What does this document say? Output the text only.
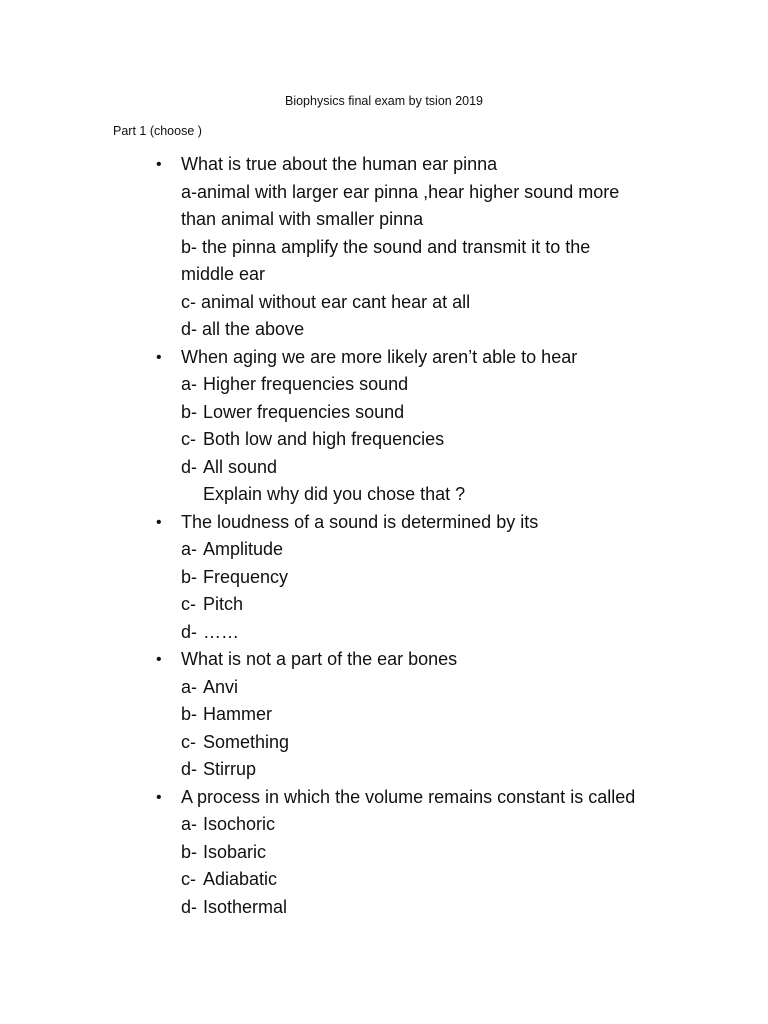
Biophysics final exam by tsion 2019
Part 1 (choose )
• What is true about the human ear pinna
a-animal with larger ear pinna ,hear higher sound more
than animal with smaller pinna
b- the pinna amplify the sound and transmit it to the
middle ear
c- animal without ear cant hear at all
d- all the above
• When aging we are more likely aren’t able to hear
a- Higher frequencies sound
b- Lower frequencies sound
c- Both low and high frequencies
d- All sound
Explain why did you chose that ?
• The loudness of a sound is determined by its
a- Amplitude
b- Frequency
c- Pitch
d- ……
• What is not a part of the ear bones
a- Anvi
b- Hammer
c- Something
d- Stirrup
• A process in which the volume remains constant is called
a- Isochoric
b- Isobaric
c- Adiabatic
d- Isothermal
